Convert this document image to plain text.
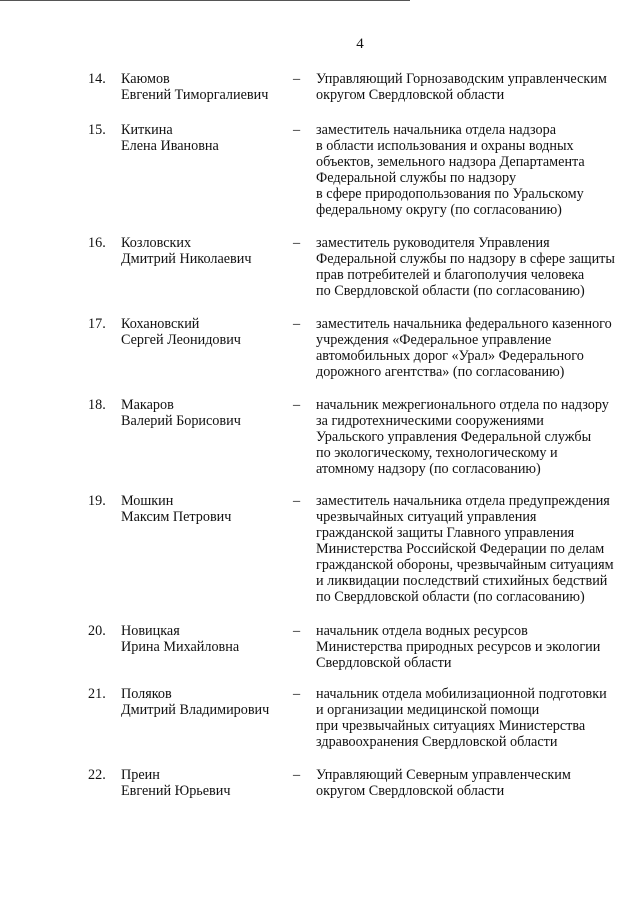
4
14.	Каюмов
Евгений Тиморгалиевич
–	Управляющий Горнозаводским управленческим
округом Свердловской области
15.	Киткина
Елена Ивановна
–	заместитель начальника отдела надзора
в области использования и охраны водных
объектов, земельного надзора Департамента
Федеральной службы по надзору
в сфере природопользования по Уральскому
федеральному округу (по согласованию)
16.	Козловских
Дмитрий Николаевич
–	заместитель руководителя Управления
Федеральной службы по надзору в сфере защиты
прав потребителей и благополучия человека
по Свердловской области (по согласованию)
17.	Кохановский
Сергей Леонидович
–	заместитель начальника федерального казенного
учреждения «Федеральное управление
автомобильных дорог «Урал» Федерального
дорожного агентства» (по согласованию)
18.	Макаров
Валерий Борисович
–	начальник межрегионального отдела по надзору
за гидротехническими сооружениями
Уральского управления Федеральной службы
по экологическому, технологическому и
атомному надзору (по согласованию)
19.	Мошкин
Максим Петрович
–	заместитель начальника отдела предупреждения
чрезвычайных ситуаций управления
гражданской защиты Главного управления
Министерства Российской Федерации по делам
гражданской обороны, чрезвычайным ситуациям
и ликвидации последствий стихийных бедствий
по Свердловской области (по согласованию)
20.	Новицкая
Ирина Михайловна
–	начальник отдела водных ресурсов
Министерства природных ресурсов и экологии
Свердловской области
21.	Поляков
Дмитрий Владимирович
–	начальник отдела мобилизационной подготовки
и организации медицинской помощи
при чрезвычайных ситуациях Министерства
здравоохранения Свердловской области
22.	Преин
Евгений Юрьевич
–	Управляющий Северным управленческим
округом Свердловской области
